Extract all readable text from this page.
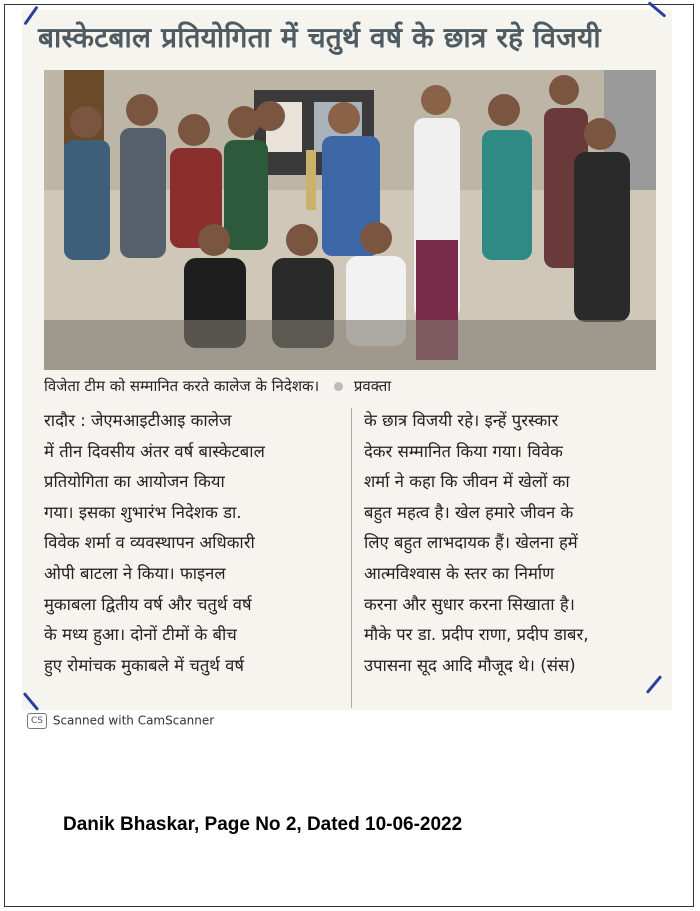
बास्केटबाल प्रतियोगिता में चतुर्थ वर्ष के छात्र रहे विजयी
विजेता टीम को सम्मानित करते कालेज के निदेशक। प्रवक्ता
रादौर : जेएमआइटीआइ कालेज
में तीन दिवसीय अंतर वर्ष बास्केटबाल
प्रतियोगिता का आयोजन किया
गया। इसका शुभारंभ निदेशक डा.
विवेक शर्मा व व्यवस्थापन अधिकारी
ओपी बाटला ने किया। फाइनल
मुकाबला द्वितीय वर्ष और चतुर्थ वर्ष
के मध्य हुआ। दोनों टीमों के बीच
हुए रोमांचक मुकाबले में चतुर्थ वर्ष
के छात्र विजयी रहे। इन्हें पुरस्कार
देकर सम्मानित किया गया। विवेक
शर्मा ने कहा कि जीवन में खेलों का
बहुत महत्व है। खेल हमारे जीवन के
लिए बहुत लाभदायक हैं। खेलना हमें
आत्मविश्वास के स्तर का निर्माण
करना और सुधार करना सिखाता है।
मौके पर डा. प्रदीप राणा, प्रदीप डाबर,
उपासना सूद आदि मौजूद थे। (संस)
CS Scanned with CamScanner
Danik Bhaskar, Page No 2, Dated 10-06-2022
